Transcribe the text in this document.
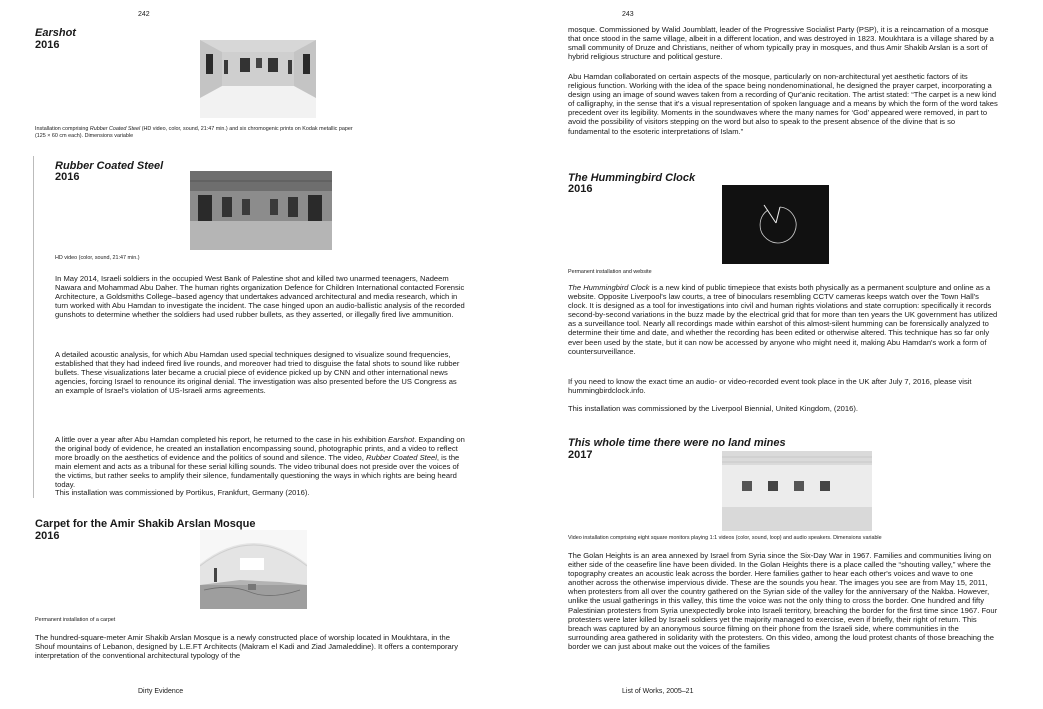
242
Earshot
2016
Installation comprising Rubber Coated Steel (HD video, color, sound, 21:47 min.) and six chromogenic prints on Kodak metallic paper
(125 × 60 cm each). Dimensions variable
Rubber Coated Steel
2016
HD video (color, sound, 21:47 min.)
In May 2014, Israeli soldiers in the occupied West Bank of Palestine shot and killed two unarmed teenagers, Nadeem Nawara and Mohammad Abu Daher. The human rights organization Defence for Children International contacted Forensic Architecture, a Goldsmiths College–based agency that undertakes advanced architectural and media research, which in turn worked with Abu Hamdan to investigate the incident. The case hinged upon an audio-ballistic analysis of the recorded gunshots to determine whether the soldiers had used rubber bullets, as they asserted, or illegally fired live ammunition.
A detailed acoustic analysis, for which Abu Hamdan used special techniques designed to visualize sound frequencies, established that they had indeed fired live rounds, and moreover had tried to disguise the fatal shots to sound like rubber bullets. These visualizations later became a crucial piece of evidence picked up by CNN and other international news agencies, forcing Israel to renounce its original denial. The investigation was also presented before the US Congress as an example of Israel's violation of US-Israeli arms agreements.
A little over a year after Abu Hamdan completed his report, he returned to the case in his exhibition Earshot. Expanding on the original body of evidence, he created an installation encompassing sound, photographic prints, and a video to reflect more broadly on the aesthetics of evidence and the politics of sound and silence. The video, Rubber Coated Steel, is the main element and acts as a tribunal for these serial killing sounds. The video tribunal does not preside over the voices of the victims, but rather seeks to amplify their silence, fundamentally questioning the ways in which rights are being heard today.
This installation was commissioned by Portikus, Frankfurt, Germany (2016).
Carpet for the Amir Shakib Arslan Mosque
2016
Permanent installation of a carpet
The hundred-square-meter Amir Shakib Arslan Mosque is a newly constructed place of worship located in Moukhtara, in the Shouf mountains of Lebanon, designed by L.E.FT Architects (Makram el Kadi and Ziad Jamaleddine). It offers a contemporary interpretation of the conventional architectural typology of the
Dirty Evidence
243
mosque. Commissioned by Walid Joumblatt, leader of the Progressive Socialist Party (PSP), it is a reincarnation of a mosque that once stood in the same village, albeit in a different location, and was destroyed in 1823. Moukhtara is a village shared by a small community of Druze and Christians, neither of whom typically pray in mosques, and thus Amir Shakib Arslan is a sort of hybrid religious structure and political gesture.
Abu Hamdan collaborated on certain aspects of the mosque, particularly on non-architectural yet aesthetic factors of its religious function. Working with the idea of the space being nondenominational, he designed the prayer carpet, incorporating a design using an image of sound waves taken from a recording of Qur'anic recitation. The artist stated: “The carpet is a new kind of calligraphy, in the sense that it's a visual representation of spoken language and a means by which the form of the word takes precedent over its legibility. Moments in the soundwaves where the many names for ‘God’ appeared were removed, in part to avoid the possibility of visitors stepping on the word but also to speak to the present absence of the divine that is so fundamental to the esoteric interpretations of Islam.”
The Hummingbird Clock
2016
Permanent installation and website
The Hummingbird Clock is a new kind of public timepiece that exists both physically as a permanent sculpture and online as a website. Opposite Liverpool's law courts, a tree of binoculars resembling CCTV cameras keeps watch over the Town Hall's clock. It is designed as a tool for investigations into civil and human rights violations and state corruption: specifically it records second-by-second variations in the buzz made by the electrical grid that for more than ten years the UK government has utilized as a surveillance tool. Nearly all recordings made within earshot of this almost-silent humming can be forensically analyzed to determine their time and date, and whether the recording has been edited or otherwise altered. This technique has so far only ever been used by the state, but it can now be accessed by anyone who might need it, making Abu Hamdan's work a form of countersurveillance.
If you need to know the exact time an audio- or video-recorded event took place in the UK after July 7, 2016, please visit hummingbirdclock.info.
This installation was commissioned by the Liverpool Biennial, United Kingdom, (2016).
This whole time there were no land mines
2017
Video installation comprising eight square monitors playing 1:1 videos (color, sound, loop) and audio speakers. Dimensions variable
The Golan Heights is an area annexed by Israel from Syria since the Six-Day War in 1967. Families and communities living on either side of the ceasefire line have been divided. In the Golan Heights there is a place called the “shouting valley,” where the topography creates an acoustic leak across the border. Here families gather to hear each other's voices and wave to one another across the otherwise impervious divide. These are the sounds you hear. The images you see are from May 15, 2011, when protesters from all over the country gathered on the Syrian side of the valley for the anniversary of the Nakba. However, unlike the usual gatherings in this valley, this time the voice was not the only thing to cross the border. One hundred and fifty Palestinian protesters from Syria unexpectedly broke into Israeli territory, breaching the border for the first time since 1967. Four protesters were later killed by Israeli soldiers yet the majority managed to exercise, even if briefly, their right of return. This breach was captured by an anonymous source filming on their phone from the Israeli side, where communities in the surrounding area gathered in solidarity with the protesters. On this video, among the loud protest chants of those breaching the border we can just about make out the voices of the families
List of Works, 2005–21
